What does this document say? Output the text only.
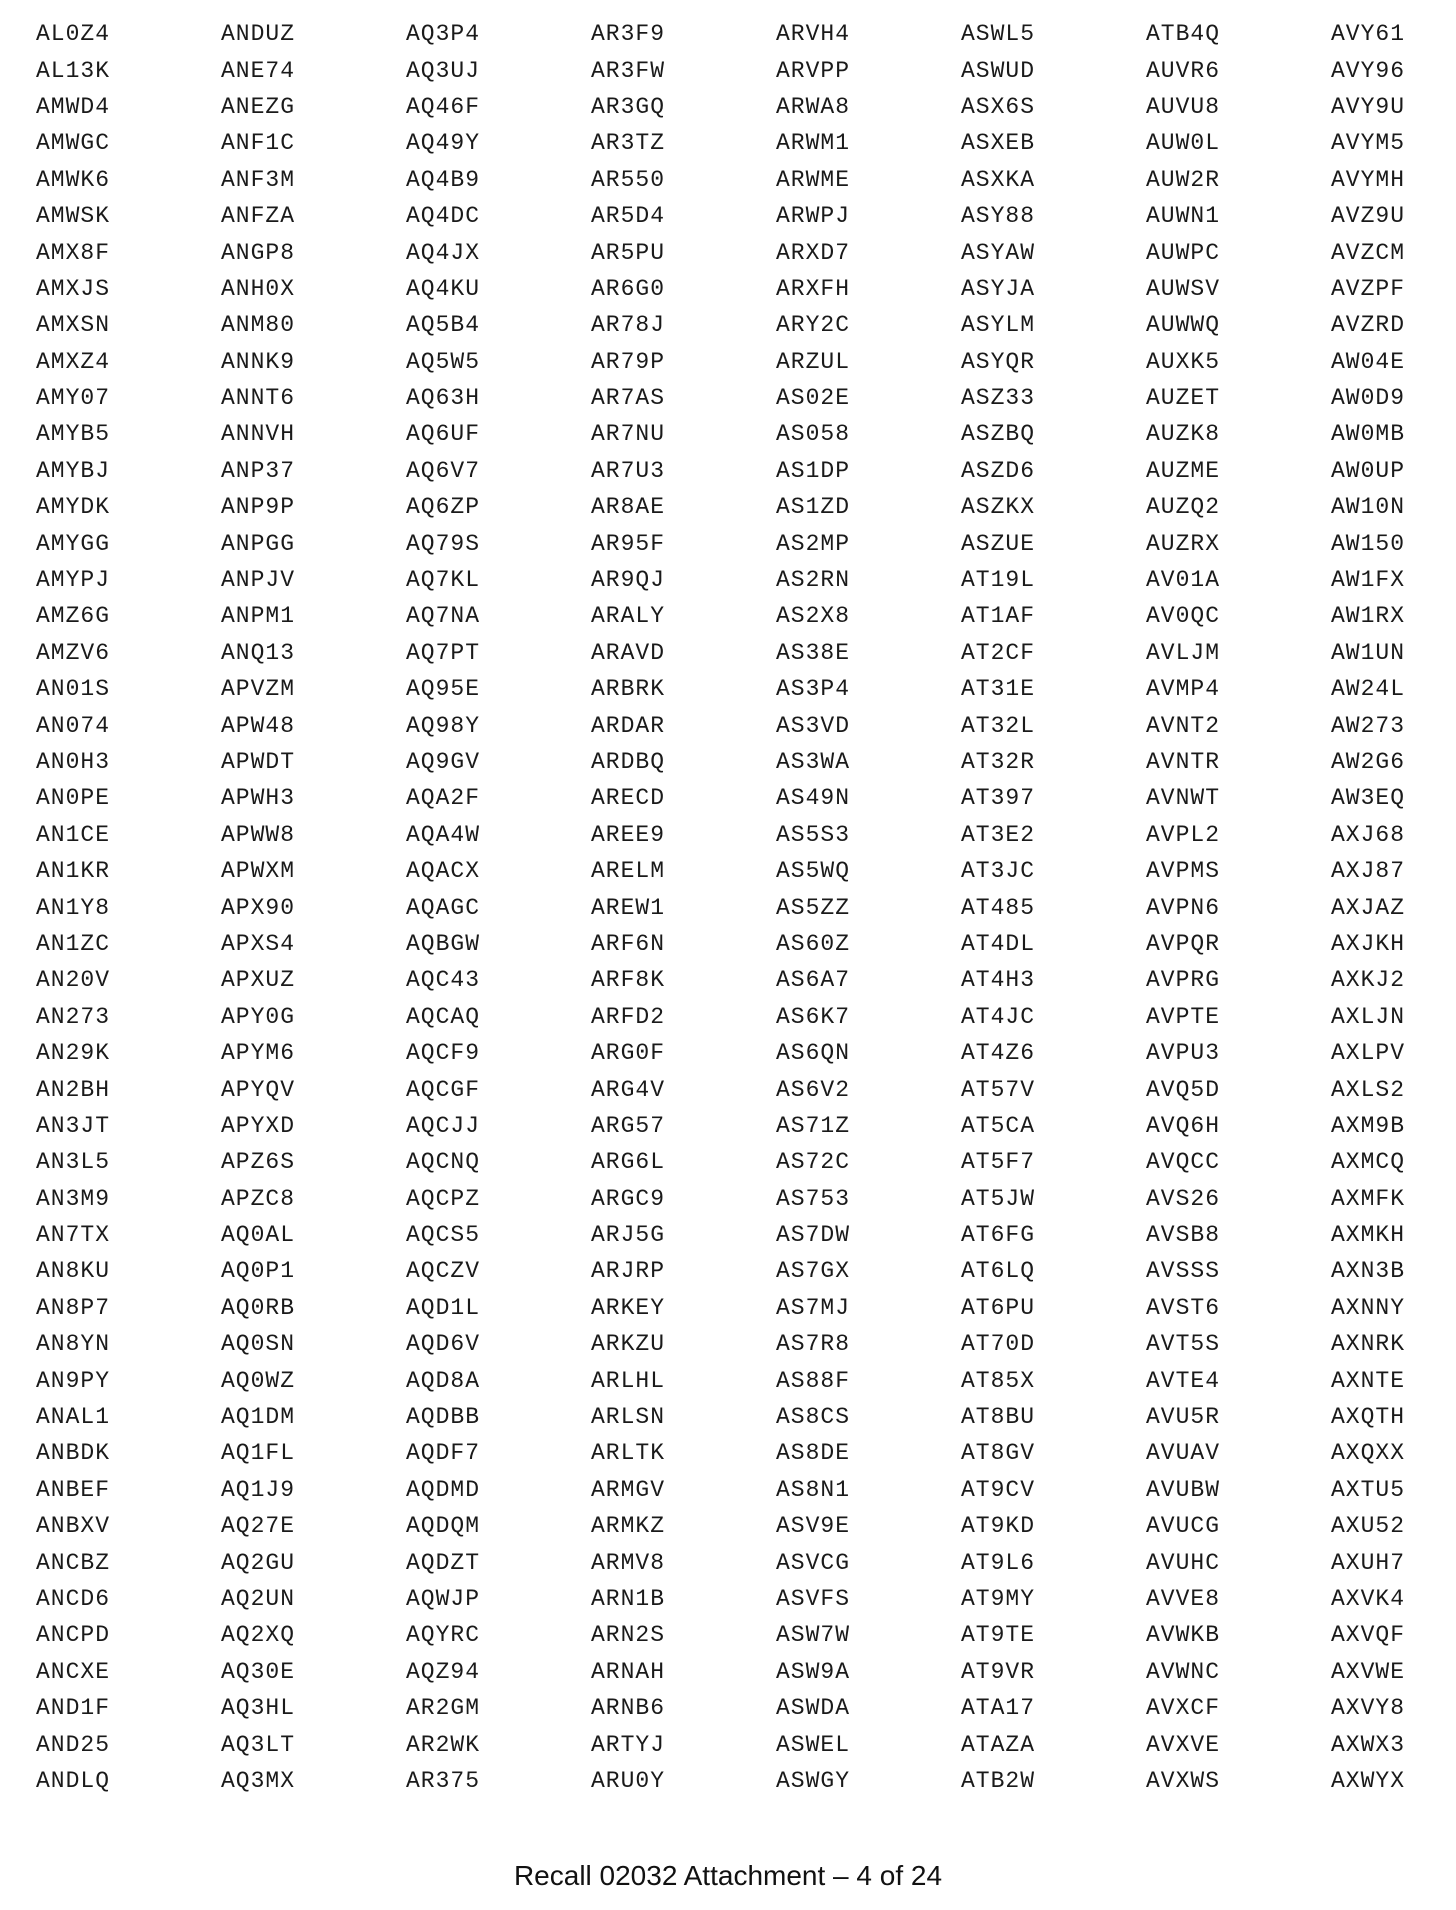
AL0Z4	ANDUZ	AQ3P4	AR3F9	ARVH4	ASWL5	ATB4Q	AVY61
AL13K	ANE74	AQ3UJ	AR3FW	ARVPP	ASWUD	AUVR6	AVY96
AMWD4	ANEZG	AQ46F	AR3GQ	ARWA8	ASX6S	AUVU8	AVY9U
AMWGC	ANF1C	AQ49Y	AR3TZ	ARWM1	ASXEB	AUW0L	AVYM5
AMWK6	ANF3M	AQ4B9	AR550	ARWME	ASXKA	AUW2R	AVYMH
AMWSK	ANFZA	AQ4DC	AR5D4	ARWPJ	ASY88	AUWN1	AVZ9U
AMX8F	ANGP8	AQ4JX	AR5PU	ARXD7	ASYAW	AUWPC	AVZCM
AMXJS	ANH0X	AQ4KU	AR6G0	ARXFH	ASYJA	AUWSV	AVZPF
AMXSN	ANM80	AQ5B4	AR78J	ARY2C	ASYLM	AUWWQ	AVZRD
AMXZ4	ANNK9	AQ5W5	AR79P	ARZUL	ASYQR	AUXK5	AW04E
AMY07	ANNT6	AQ63H	AR7AS	AS02E	ASZ33	AUZET	AW0D9
AMYB5	ANNVH	AQ6UF	AR7NU	AS058	ASZBQ	AUZK8	AW0MB
AMYBJ	ANP37	AQ6V7	AR7U3	AS1DP	ASZD6	AUZME	AW0UP
AMYDK	ANP9P	AQ6ZP	AR8AE	AS1ZD	ASZKX	AUZQ2	AW10N
AMYGG	ANPGG	AQ79S	AR95F	AS2MP	ASZUE	AUZRX	AW150
AMYPJ	ANPJV	AQ7KL	AR9QJ	AS2RN	AT19L	AV01A	AW1FX
AMZ6G	ANPM1	AQ7NA	ARALY	AS2X8	AT1AF	AV0QC	AW1RX
AMZV6	ANQ13	AQ7PT	ARAVD	AS38E	AT2CF	AVLJM	AW1UN
AN01S	APVZM	AQ95E	ARBRK	AS3P4	AT31E	AVMP4	AW24L
AN074	APW48	AQ98Y	ARDAR	AS3VD	AT32L	AVNT2	AW273
AN0H3	APWDT	AQ9GV	ARDBQ	AS3WA	AT32R	AVNTR	AW2G6
AN0PE	APWH3	AQA2F	ARECD	AS49N	AT397	AVNWT	AW3EQ
AN1CE	APWW8	AQA4W	AREE9	AS5S3	AT3E2	AVPL2	AXJ68
AN1KR	APWXM	AQACX	ARELM	AS5WQ	AT3JC	AVPMS	AXJ87
AN1Y8	APX90	AQAGC	AREW1	AS5ZZ	AT485	AVPN6	AXJAZ
AN1ZC	APXS4	AQBGW	ARF6N	AS60Z	AT4DL	AVPQR	AXJKH
AN20V	APXUZ	AQC43	ARF8K	AS6A7	AT4H3	AVPRG	AXKJ2
AN273	APY0G	AQCAQ	ARFD2	AS6K7	AT4JC	AVPTE	AXLJN
AN29K	APYM6	AQCF9	ARG0F	AS6QN	AT4Z6	AVPU3	AXLPV
AN2BH	APYQV	AQCGF	ARG4V	AS6V2	AT57V	AVQ5D	AXLS2
AN3JT	APYXD	AQCJJ	ARG57	AS71Z	AT5CA	AVQ6H	AXM9B
AN3L5	APZ6S	AQCNQ	ARG6L	AS72C	AT5F7	AVQCC	AXMCQ
AN3M9	APZC8	AQCPZ	ARGC9	AS753	AT5JW	AVS26	AXMFK
AN7TX	AQ0AL	AQCS5	ARJ5G	AS7DW	AT6FG	AVSB8	AXMKH
AN8KU	AQ0P1	AQCZV	ARJRP	AS7GX	AT6LQ	AVSSS	AXN3B
AN8P7	AQ0RB	AQD1L	ARKEY	AS7MJ	AT6PU	AVST6	AXNNY
AN8YN	AQ0SN	AQD6V	ARKZU	AS7R8	AT70D	AVT5S	AXNRK
AN9PY	AQ0WZ	AQD8A	ARLHL	AS88F	AT85X	AVTE4	AXNTE
ANAL1	AQ1DM	AQDBB	ARLSN	AS8CS	AT8BU	AVU5R	AXQTH
ANBDK	AQ1FL	AQDF7	ARLTK	AS8DE	AT8GV	AVUAV	AXQXX
ANBEF	AQ1J9	AQDMD	ARMGV	AS8N1	AT9CV	AVUBW	AXTU5
ANBXV	AQ27E	AQDQM	ARMKZ	ASV9E	AT9KD	AVUCG	AXU52
ANCBZ	AQ2GU	AQDZT	ARMV8	ASVCG	AT9L6	AVUHC	AXUH7
ANCD6	AQ2UN	AQWJP	ARN1B	ASVFS	AT9MY	AVVE8	AXVK4
ANCPD	AQ2XQ	AQYRC	ARN2S	ASW7W	AT9TE	AVWKB	AXVQF
ANCXE	AQ30E	AQZ94	ARNAH	ASW9A	AT9VR	AVWNC	AXVWE
AND1F	AQ3HL	AR2GM	ARNB6	ASWDA	ATA17	AVXCF	AXVY8
AND25	AQ3LT	AR2WK	ARTYJ	ASWEL	ATAZA	AVXVE	AXWX3
ANDLQ	AQ3MX	AR375	ARU0Y	ASWGY	ATB2W	AVXWS	AXWYX
Recall 02032 Attachment – 4 of 24
